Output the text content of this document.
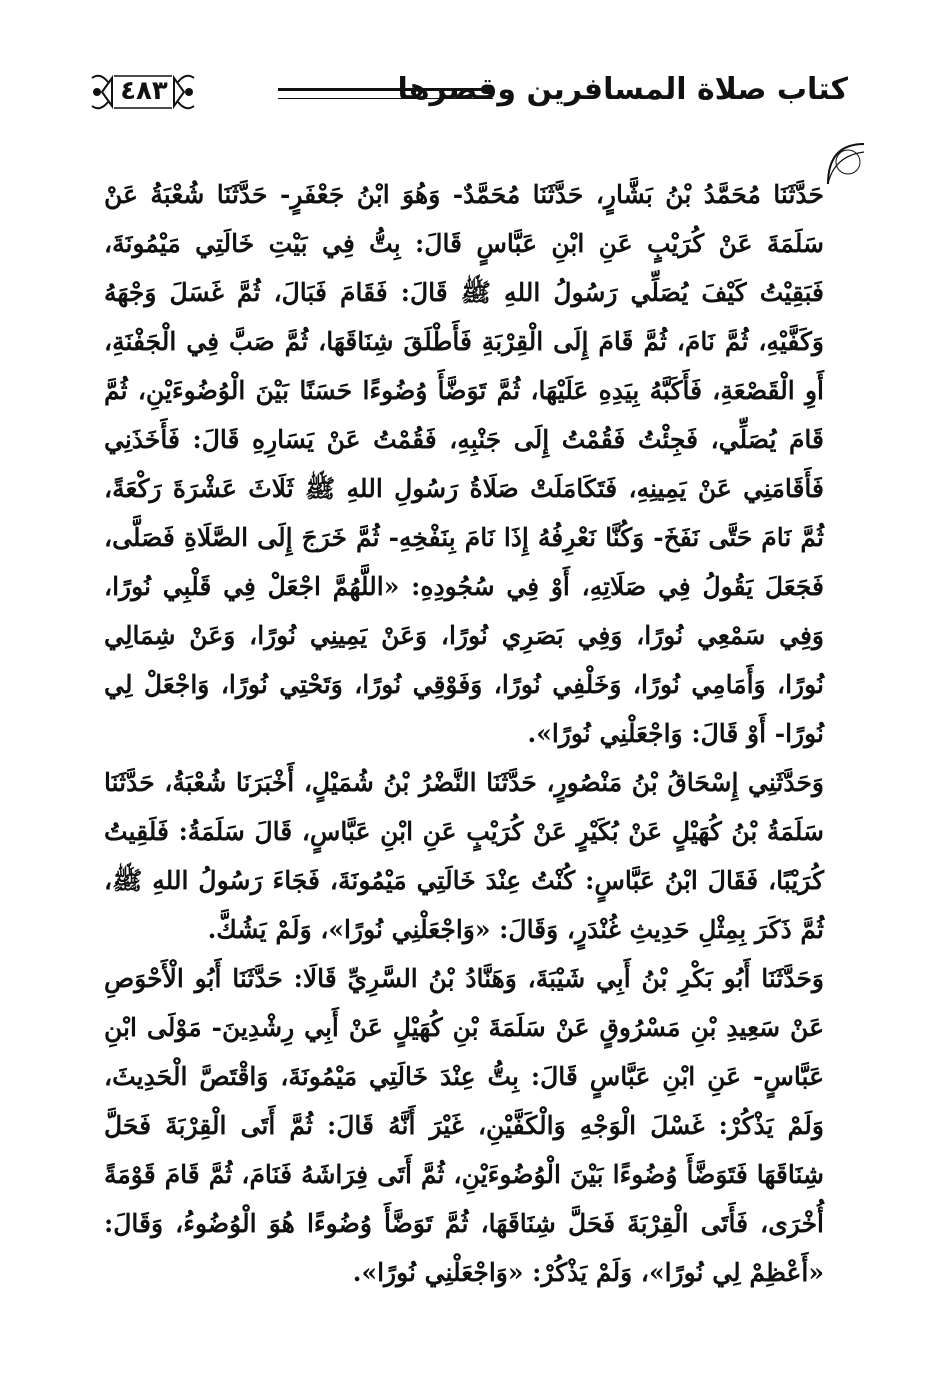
كتاب صلاة المسافرين وقصرها
٤٨٣

حَدَّثَنَا مُحَمَّدُ بْنُ بَشَّارٍ، حَدَّثَنَا مُحَمَّدٌ- وَهُوَ ابْنُ جَعْفَرٍ- حَدَّثَنَا شُعْبَةُ عَنْ سَلَمَةَ عَنْ كُرَيْبٍ عَنِ ابْنِ عَبَّاسٍ قَالَ: بِتُّ فِي بَيْتِ خَالَتِي مَيْمُونَةَ، فَبَقِيْتُ كَيْفَ يُصَلِّي رَسُولُ اللهِ ﷺ قَالَ: فَقَامَ فَبَالَ، ثُمَّ غَسَلَ وَجْهَهُ وَكَفَّيْهِ، ثُمَّ نَامَ، ثُمَّ قَامَ إِلَى الْقِرْبَةِ فَأَطْلَقَ شِنَاقَهَا، ثُمَّ صَبَّ فِي الْجَفْنَةِ، أَوِ الْقَصْعَةِ، فَأَكَبَّهُ بِيَدِهِ عَلَيْهَا، ثُمَّ تَوَضَّأَ وُضُوءًا حَسَنًا بَيْنَ الْوُضُوءَيْنِ، ثُمَّ قَامَ يُصَلِّي، فَجِئْتُ فَقُمْتُ إِلَى جَنْبِهِ، فَقُمْتُ عَنْ يَسَارِهِ قَالَ: فَأَخَذَنِي فَأَقَامَنِي عَنْ يَمِينِهِ، فَتَكَامَلَتْ صَلَاةُ رَسُولِ اللهِ ﷺ ثَلَاثَ عَشْرَةَ رَكْعَةً، ثُمَّ نَامَ حَتَّى نَفَخَ- وَكُنَّا نَعْرِفُهُ إِذَا نَامَ بِنَفْخِهِ- ثُمَّ خَرَجَ إِلَى الصَّلَاةِ فَصَلَّى، فَجَعَلَ يَقُولُ فِي صَلَاتِهِ، أَوْ فِي سُجُودِهِ: «اللَّهُمَّ اجْعَلْ فِي قَلْبِي نُورًا، وَفِي سَمْعِي نُورًا، وَفِي بَصَرِي نُورًا، وَعَنْ يَمِينِي نُورًا، وَعَنْ شِمَالِي نُورًا، وَأَمَامِي نُورًا، وَخَلْفِي نُورًا، وَفَوْقِي نُورًا، وَتَحْتِي نُورًا، وَاجْعَلْ لِي نُورًا- أَوْ قَالَ: وَاجْعَلْنِي نُورًا».

وَحَدَّثَنِي إِسْحَاقُ بْنُ مَنْصُورٍ، حَدَّثَنَا النَّضْرُ بْنُ شُمَيْلٍ، أَخْبَرَنَا شُعْبَةُ، حَدَّثَنَا سَلَمَةُ بْنُ كُهَيْلٍ عَنْ بُكَيْرٍ عَنْ كُرَيْبٍ عَنِ ابْنِ عَبَّاسٍ، قَالَ سَلَمَةُ: فَلَقِيتُ كُرَيْبًا، فَقَالَ ابْنُ عَبَّاسٍ: كُنْتُ عِنْدَ خَالَتِي مَيْمُونَةَ، فَجَاءَ رَسُولُ اللهِ ﷺ، ثُمَّ ذَكَرَ بِمِثْلِ حَدِيثِ غُنْدَرٍ، وَقَالَ: «وَاجْعَلْنِي نُورًا»، وَلَمْ يَشُكَّ.

وَحَدَّثَنَا أَبُو بَكْرِ بْنُ أَبِي شَيْبَةَ، وَهَنَّادُ بْنُ السَّرِيِّ قَالَا: حَدَّثَنَا أَبُو الْأَحْوَصِ عَنْ سَعِيدِ بْنِ مَسْرُوقٍ عَنْ سَلَمَةَ بْنِ كُهَيْلٍ عَنْ أَبِي رِشْدِينَ- مَوْلَى ابْنِ عَبَّاسٍ- عَنِ ابْنِ عَبَّاسٍ قَالَ: بِتُّ عِنْدَ خَالَتِي مَيْمُونَةَ، وَاقْتَصَّ الْحَدِيثَ، وَلَمْ يَذْكُرْ: غَسْلَ الْوَجْهِ وَالْكَفَّيْنِ، غَيْرَ أَنَّهُ قَالَ: ثُمَّ أَتَى الْقِرْبَةَ فَحَلَّ شِنَاقَهَا فَتَوَضَّأَ وُضُوءًا بَيْنَ الْوُضُوءَيْنِ، ثُمَّ أَتَى فِرَاشَهُ فَنَامَ، ثُمَّ قَامَ قَوْمَةً أُخْرَى، فَأَتَى الْقِرْبَةَ فَحَلَّ شِنَاقَهَا، ثُمَّ تَوَضَّأَ وُضُوءًا هُوَ الْوُضُوءُ، وَقَالَ: «أَعْظِمْ لِي نُورًا»، وَلَمْ يَذْكُرْ: «وَاجْعَلْنِي نُورًا».
